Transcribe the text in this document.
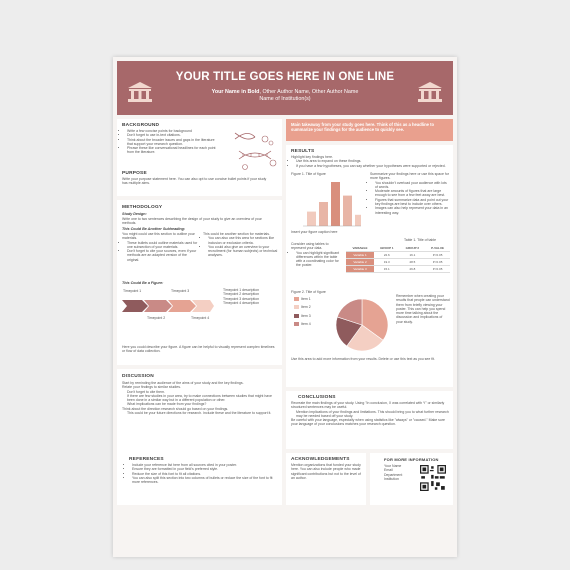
YOUR TITLE GOES HERE IN ONE LINE
Your Name in Bold, Other Author Name, Other Author Name
Name of Institution(s)
BACKGROUND
• Write a few concise points for background
• Don't forget to use in-text citations.
• Think about the broader issues and gaps in the literature that support your research question.
• Phrase these like conversational headlines for each point from the literature.
PURPOSE
Write your purpose statement here. You can also opt to use concise bullet points if your study has multiple aims.
METHODOLOGY
Study Design:
Write one to two sentences describing the design of your study to give an overview of your methods.
This Could Be Another Subheading:
You might could use this section to outline your materials.
• These bullets could outline materials used for one subsection of your materials.
• Don't forget to cite your sources, even if your methods are an adapted version of the original.
This could be another section for materials.
• You can also use this area for sections like inclusion or exclusion criteria.
• You could also give an overview to your recruitment (for human subjects) or technical analyses.
This Could Be a Figure:
Timepoint 1	Timepoint 3
Timepoint 2	Timepoint 4
Timepoint 1 description
Timepoint 2 description
Timepoint 3 description
Timepoint 4 description
Here you could describe your figure. A figure can be helpful to visually represent complex timelines or flow of data collection.
DISCUSSION
Start by reminding the audience of the aims of your study and the key findings.
Relate your findings to similar studies.
Don't forget to cite them.
If there are few studies in your area, try to make connections between studies that might have been done in a similar way but in a different population or other.
What implications can be made from your findings?
Think about the direction research should go based on your findings.
This could be your future directions for research. Include these and the literature to support it.
REFERENCES
• Include your reference list here from all sources cited in your poster.
• Ensure they are formatted in your field's preferred style.
• Reduce the size of this font to fit all citations.
• You can also split this section into two columns of bullets or reduce the size of the font to fit more references.
Main takeaway from your study goes here. Think of this as a headline to summarize your findings for the audience to quickly see.
RESULTS
Highlight key findings here.
• Use this area to expand on these findings.
• If you have a few hypotheses, you can say whether your hypotheses were supported or rejected.
Figure 1. Title of figure
Insert your figure caption here
Summarize your findings here or use this space for more figures.
• You shouldn't overload your audience with lots of words.
• Moderate amounts of figures that are large enough to see from a few feet away are best.
• Figures that summarize data and point out your key findings are best to include over others.
• Images can also help represent your data in an interesting way.
Table 1. Title of table
Consider using tables to represent your data.
• You can highlight significant differences within the table with a coordinating color for the poster.
VARIABLE	GROUP 1	GROUP 2	P-VALUE
Variable 1	22.6	16.1	P<0.05
Variable 2	19.3	28.5	P<0.05
Variable 3	15.1	26.8	P<0.05
Figure 2. Title of figure
Item 1
Item 2
Item 3
Item 4
Remember when creating your results that people can understand them from briefly viewing your poster. This can help you spend more time talking about the discussion and implications of your study.
Use this area to add more information from your results. Delete or use this text as you see fit.
CONCLUSIONS
Recreate the main findings of your study. Using "In conclusion, X was correlated with Y" or similarly structured sentences may be useful.
Mention implications of your findings and limitations. This should bring you to what further research may be needed based off your study.
Be careful with your language, especially when using statistics like "always" or "caused." Make sure your language of your conclusions matches your research question.
ACKNOWLEDGEMENTS
Mention organizations that funded your study here. You can also include people who made significant contributions but not to the level of an author.
FOR MORE INFORMATION
Your Name
Email
Department
Institution
